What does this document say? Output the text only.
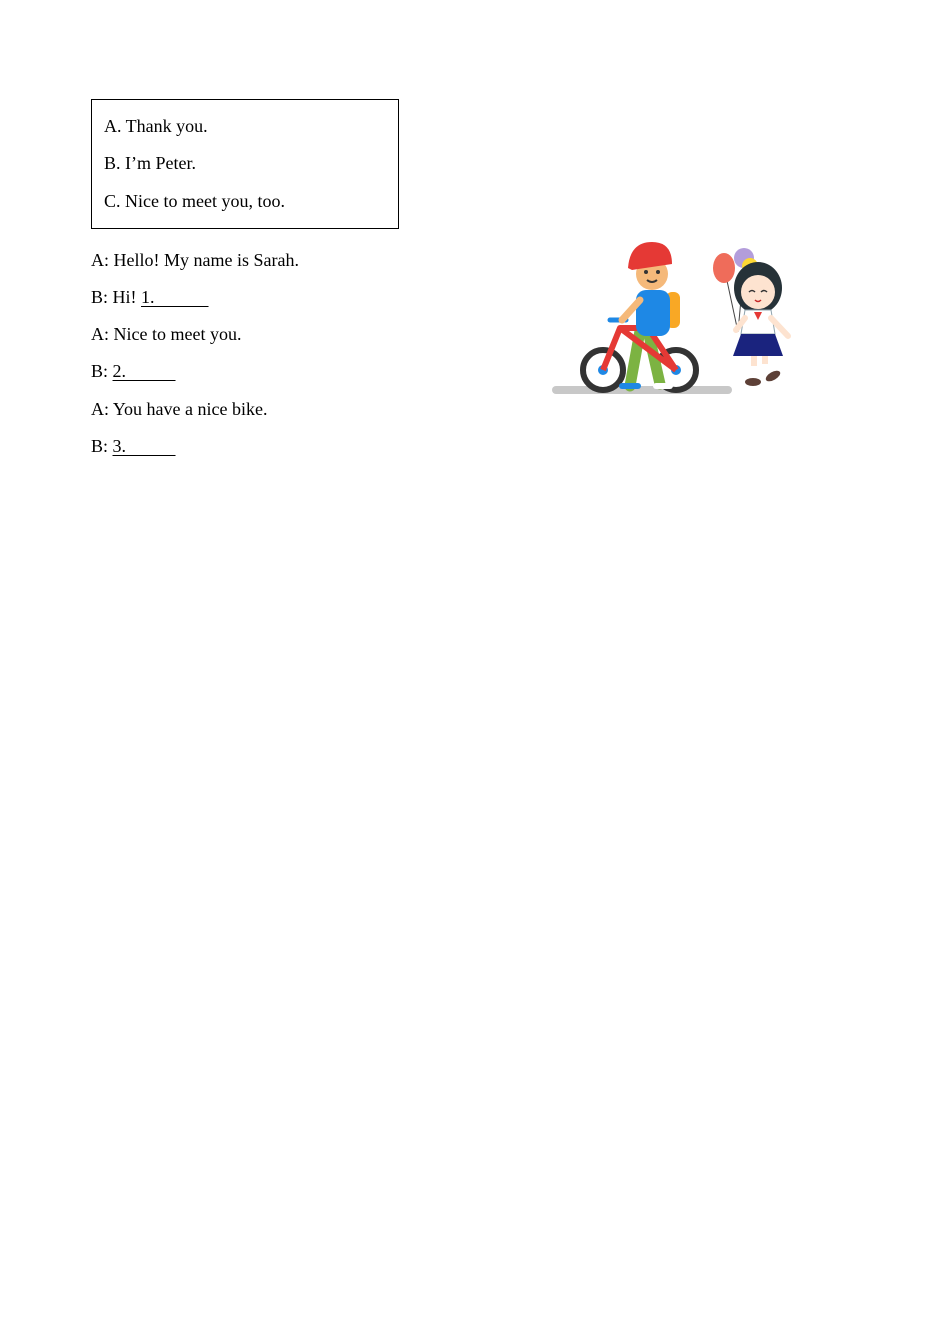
A. Thank you.
B. I’m Peter.
C. Nice to meet you, too.
A: Hello! My name is Sarah.
B: Hi! 1.
A: Nice to meet you.
B: 2.
A: You have a nice bike.
B: 3.
